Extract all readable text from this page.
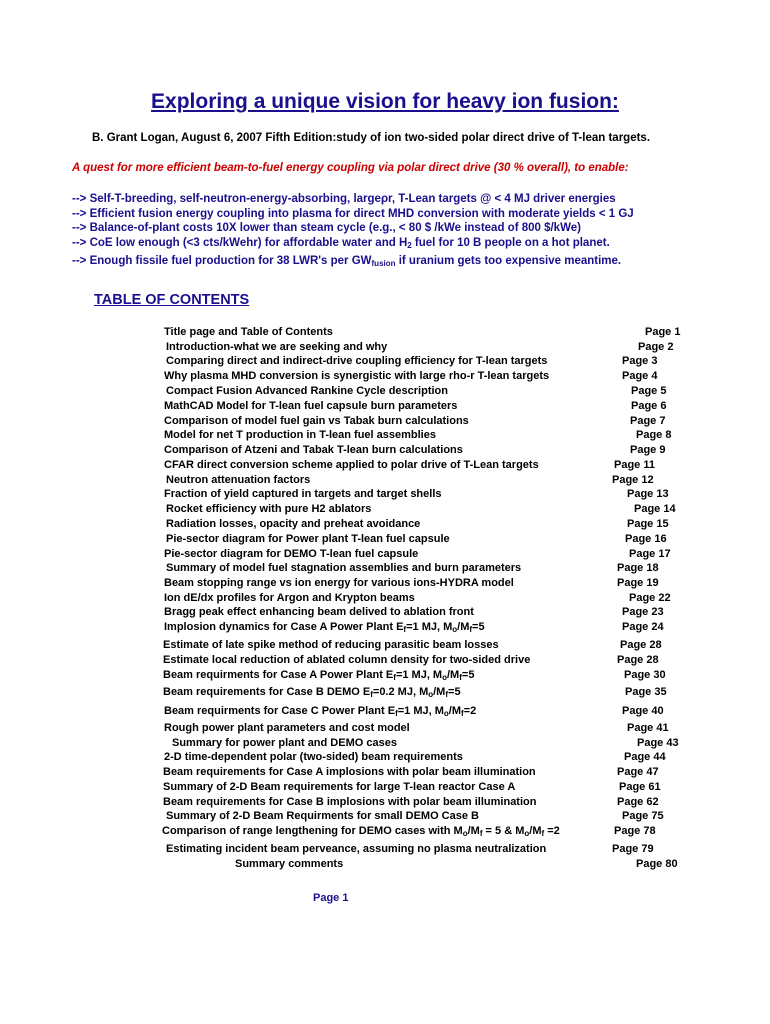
Exploring a unique vision for heavy ion fusion:
B. Grant Logan, August 6, 2007 Fifth Edition:study of ion two-sided polar direct drive of T-lean targets.
A quest for more efficient beam-to-fuel energy coupling via polar direct drive (30 % overall), to enable:
--> Self-T-breeding, self-neutron-energy-absorbing, largeρr, T-Lean targets @ < 4 MJ driver energies
--> Efficient fusion energy coupling into plasma for direct MHD conversion with moderate yields < 1 GJ
--> Balance-of-plant costs 10X lower than steam cycle (e.g., < 80 $ /kWe instead of 800 $/kWe)
--> CoE low enough (<3 cts/kWehr) for affordable water and $H_2$ fuel for 10 B people on a hot planet.
--> Enough fissile fuel production for 38 LWR's per $GW_{fusion}$ if uranium gets too expensive meantime.
TABLE OF CONTENTS
Title page and Table of Contents	Page 1
Introduction-what we are seeking and why	Page 2
Comparing direct and indirect-drive coupling efficiency for T-lean targets	Page 3
Why plasma MHD conversion is synergistic with large rho-r T-lean targets	Page 4
Compact Fusion Advanced Rankine Cycle description	Page 5
MathCAD Model for T-lean fuel capsule burn parameters	Page 6
Comparison of model fuel gain vs Tabak burn calculations	Page 7
Model for net T production in T-lean fuel assemblies	Page 8
Comparison of Atzeni and Tabak T-lean burn calculations	Page 9
CFAR direct conversion scheme applied to polar drive of T-Lean targets	Page 11
Neutron attenuation factors	Page 12
Fraction of yield captured in targets and target shells	Page 13
Rocket efficiency with pure H2 ablators	Page 14
Radiation losses, opacity and preheat avoidance	Page 15
Pie-sector diagram for Power plant T-lean fuel capsule	Page 16
Pie-sector diagram for DEMO T-lean fuel capsule	Page 17
Summary of model fuel stagnation assemblies and burn parameters	Page 18
Beam stopping range vs ion energy for various ions-HYDRA model	Page 19
Ion dE/dx profiles for Argon and Krypton beams	Page 22
Bragg peak effect enhancing beam delived to ablation front	Page 23
Implosion dynamics for Case A Power Plant $E_f=1$ MJ, $M_o/M_f=5$	Page 24
Estimate of late spike method of reducing parasitic beam losses	Page 28
Estimate local reduction of ablated column density for two-sided drive	Page 28
Beam requirments for Case A Power Plant $E_f=1$ MJ, $M_o/M_f=5$	Page 30
Beam requirements for Case B DEMO $E_f=0.2$ MJ, $M_o/M_f=5$	Page 35
Beam requirments for Case C Power Plant $E_f=1$ MJ, $M_o/M_f=2$	Page 40
Rough power plant parameters and cost model	Page 41
Summary for power plant and DEMO cases	Page 43
2-D time-dependent polar (two-sided) beam requirements	Page 44
Beam requirements for Case A implosions with polar beam illumination	Page 47
Summary of 2-D Beam requirements for large T-lean reactor Case A	Page 61
Beam requirements for Case B implosions with polar beam illumination	Page 62
Summary of 2-D Beam Requirments for small DEMO Case B	Page 75
Comparison of range lengthening for DEMO cases with $M_o/M_f = 5$ & $M_o/M_f =2$	Page 78
Estimating incident beam perveance, assuming no plasma neutralization	Page 79
Summary comments	Page 80
Page 1
